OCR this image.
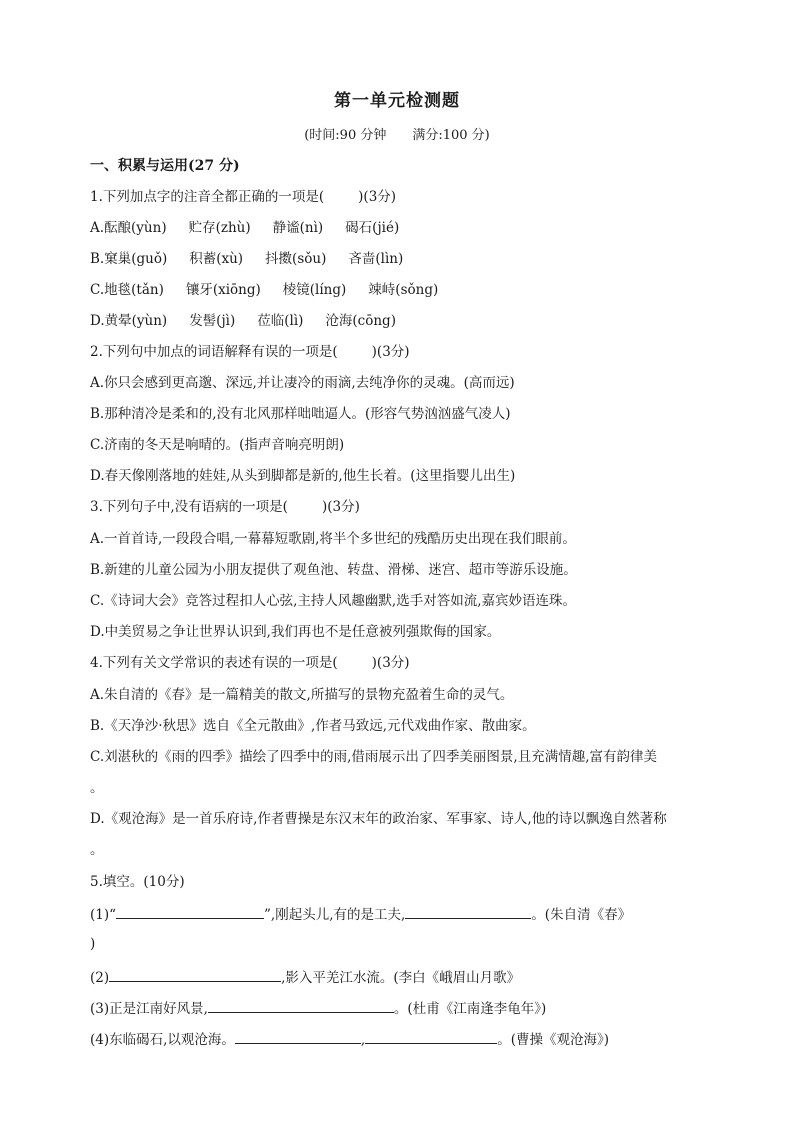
第一单元检测题
(时间:90 分钟 满分:100 分)
一、积累与运用(27 分)
1.下列加点字的注音全都正确的一项是(	)(3分)
A.酝酿(yùn) 贮存(zhù) 静谧(nì) 碣石(jié)
B.窠巢(guǒ) 积蓄(xù) 抖擞(sǒu) 吝啬(lìn)
C.地毯(tǎn) 镶牙(xiōng) 棱镜(líng) 竦峙(sǒng)
D.黄晕(yùn) 发髻(jì) 莅临(lì) 沧海(cōng)
2.下列句中加点的词语解释有误的一项是(	)(3分)
A.你只会感到更高邈、深远,并让凄冷的雨滴,去纯净你的灵魂。(高而远)
B.那种清冷是柔和的,没有北风那样咄咄逼人。(形容气势汹汹盛气凌人)
C.济南的冬天是响晴的。(指声音响亮明朗)
D.春天像刚落地的娃娃,从头到脚都是新的,他生长着。(这里指婴儿出生)
3.下列句子中,没有语病的一项是(	)(3分)
A.一首首诗,一段段合唱,一幕幕短歌剧,将半个多世纪的残酷历史出现在我们眼前。
B.新建的儿童公园为小朋友提供了观鱼池、转盘、滑梯、迷宫、超市等游乐设施。
C.《诗词大会》竞答过程扣人心弦,主持人风趣幽默,选手对答如流,嘉宾妙语连珠。
D.中美贸易之争让世界认识到,我们再也不是任意被列强欺侮的国家。
4.下列有关文学常识的表述有误的一项是(	)(3分)
A.朱自清的《春》是一篇精美的散文,所描写的景物充盈着生命的灵气。
B.《天净沙·秋思》选自《全元散曲》,作者马致远,元代戏曲作家、散曲家。
C.刘湛秋的《雨的四季》描绘了四季中的雨,借雨展示出了四季美丽图景,且充满情趣,富有韵律美
。
D.《观沧海》是一首乐府诗,作者曹操是东汉末年的政治家、军事家、诗人,他的诗以飘逸自然著称
。
5.填空。(10分)
(1)“	”,刚起头儿,有的是工夫,	。(朱自清《春》
)
(2)	,影入平羌江水流。(李白《峨眉山月歌》
(3)正是江南好风景,	。(杜甫《江南逢李龟年》)
(4)东临碣石,以观沧海。	,	。(曹操《观沧海》)
